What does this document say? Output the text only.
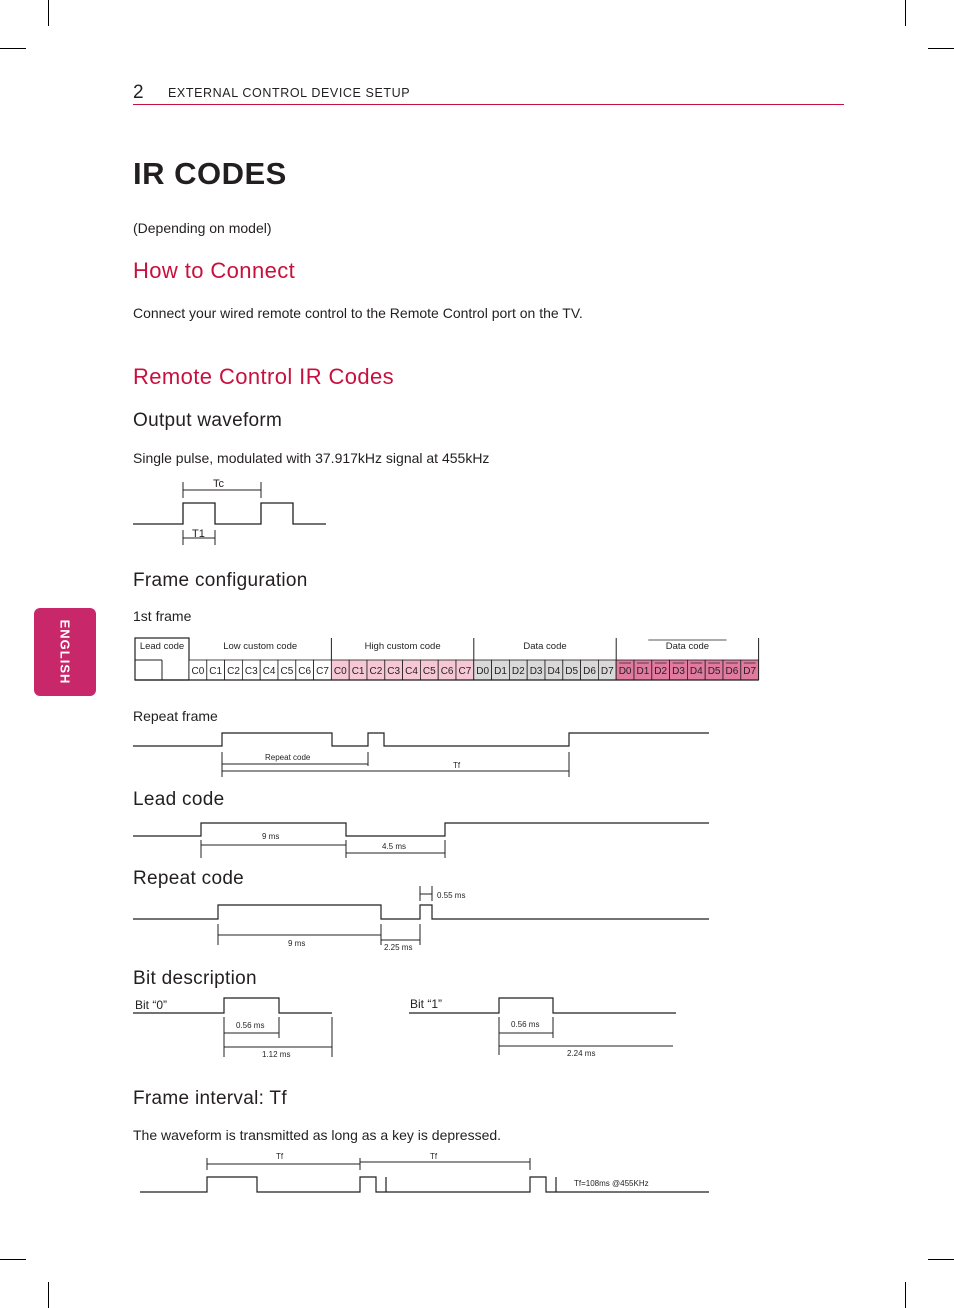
2 EXTERNAL CONTROL DEVICE SETUP
ENGLISH
IR CODES
(Depending on model)
How to Connect
Connect your wired remote control to the Remote Control port on the TV.
Remote Control IR Codes
Output waveform
Single pulse, modulated with 37.917kHz signal at 455kHz
Frame configuration
1st frame
Repeat frame
Lead code
Repeat code
Bit description
Frame interval: Tf
The waveform is transmitted as long as a key is depressed.
Tc
T1
C0 C1 C2 C3 C4 C5 C6 C7 C0 C1 C2 C3 C4 C5 C6 C7 D0 D1 D2 D3 D4 D5 D6 D7 D0 D1 D2 D3 D4 D5 D6 D7
Lead code	Low custom code	High custom code	Data code	Data code
Repeat code
Tf
9 ms
4.5 ms
0.55 ms
9 ms	2.25 ms
Bit “0”
0.56 ms
1.12 ms
Bit “1”
0.56 ms
2.24 ms
Tf	Tf
Tf=108ms @455KHz
